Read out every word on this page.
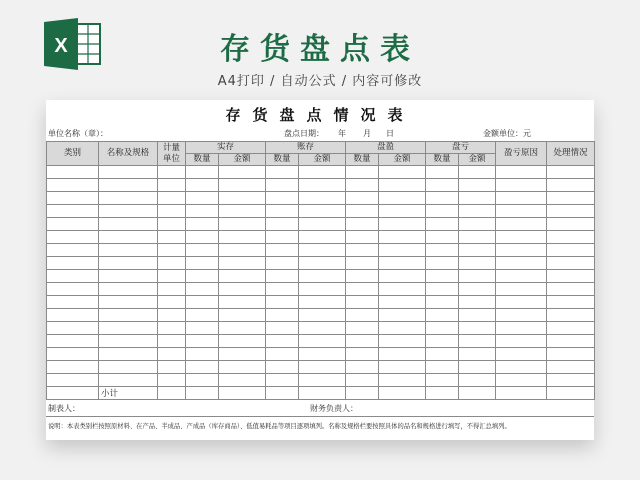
X	存货盘点表
A4打印 / 自动公式 / 内容可修改
存货盘点情况表
单位名称（章）：	盘点日期： 年 月 日	金额单位：元
类别	名称及规格	计量单位	实存		账存		盘盈		盘亏		盈亏原因	处理情况
			数量	金额	数量	金额	数量	金额	数量	金额		

	小计											
制表人：	财务负责人：
说明：本表类别栏按照原材料、在产品、半成品、产成品（库存商品）、低值易耗品等项目逐项填列。名称及规格栏要按照具体的品名和规格进行填写，不得汇总填列。
